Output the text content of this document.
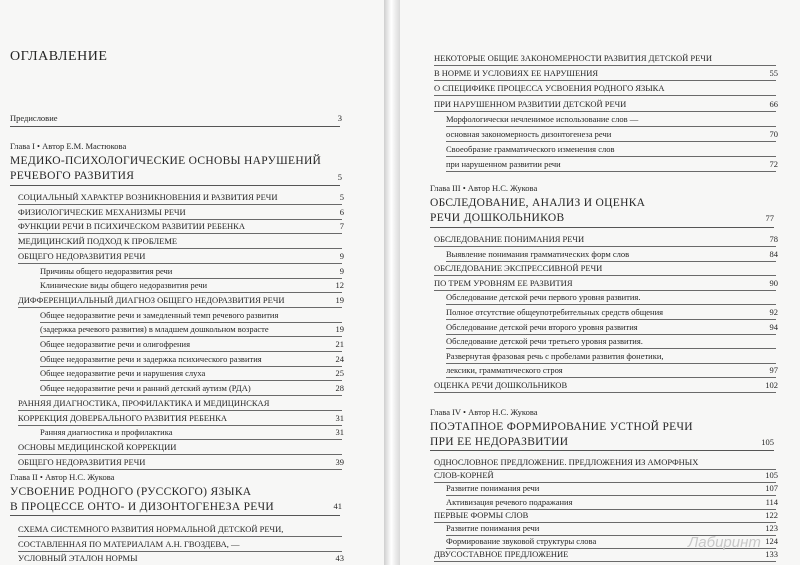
ОГЛАВЛЕНИЕ
Предисловие	3
Глава I • Автор Е.М. Мастюкова
МЕДИКО-ПСИХОЛОГИЧЕСКИЕ ОСНОВЫ НАРУШЕНИЙ
РЕЧЕВОГО РАЗВИТИЯ	5
СОЦИАЛЬНЫЙ ХАРАКТЕР ВОЗНИКНОВЕНИЯ И РАЗВИТИЯ РЕЧИ	5
ФИЗИОЛОГИЧЕСКИЕ МЕХАНИЗМЫ РЕЧИ	6
ФУНКЦИИ РЕЧИ В ПСИХИЧЕСКОМ РАЗВИТИИ РЕБЕНКА	7
МЕДИЦИНСКИЙ ПОДХОД К ПРОБЛЕМЕ
ОБЩЕГО НЕДОРАЗВИТИЯ РЕЧИ	9
Причины общего недоразвития речи	9
Клинические виды общего недоразвития речи	12
ДИФФЕРЕНЦИАЛЬНЫЙ ДИАГНОЗ ОБЩЕГО НЕДОРАЗВИТИЯ РЕЧИ	19
Общее недоразвитие речи и замедленный темп речевого развития
(задержка речевого развития) в младшем дошкольном возрасте	19
Общее недоразвитие речи и олигофрения	21
Общее недоразвитие речи и задержка психического развития	24
Общее недоразвитие речи и нарушения слуха	25
Общее недоразвитие речи и ранний детский аутизм (РДА)	28
РАННЯЯ ДИАГНОСТИКА, ПРОФИЛАКТИКА И МЕДИЦИНСКАЯ
КОРРЕКЦИЯ ДОВЕРБАЛЬНОГО РАЗВИТИЯ РЕБЕНКА	31
Ранняя диагностика и профилактика	31
ОСНОВЫ МЕДИЦИНСКОЙ КОРРЕКЦИИ
ОБЩЕГО НЕДОРАЗВИТИЯ РЕЧИ	39
Глава II • Автор Н.С. Жукова
УСВОЕНИЕ РОДНОГО (РУССКОГО) ЯЗЫКА
В ПРОЦЕССЕ ОНТО- И ДИЗОНТОГЕНЕЗА РЕЧИ	41
СХЕМА СИСТЕМНОГО РАЗВИТИЯ НОРМАЛЬНОЙ ДЕТСКОЙ РЕЧИ,
СОСТАВЛЕННАЯ ПО МАТЕРИАЛАМ А.Н. ГВОЗДЕВА, —
УСЛОВНЫЙ ЭТАЛОН НОРМЫ	43
НЕКОТОРЫЕ ОБЩИЕ ЗАКОНОМЕРНОСТИ РАЗВИТИЯ ДЕТСКОЙ РЕЧИ
В НОРМЕ И УСЛОВИЯХ ЕЕ НАРУШЕНИЯ	55
О СПЕЦИФИКЕ ПРОЦЕССА УСВОЕНИЯ РОДНОГО ЯЗЫКА
ПРИ НАРУШЕННОМ РАЗВИТИИ ДЕТСКОЙ РЕЧИ	66
Морфологически нечленимое использование слов —
основная закономерность дизонтогенеза речи	70
Своеобразие грамматического изменения слов
при нарушенном развитии речи	72
Глава III • Автор Н.С. Жукова
ОБСЛЕДОВАНИЕ, АНАЛИЗ И ОЦЕНКА
РЕЧИ ДОШКОЛЬНИКОВ	77
ОБСЛЕДОВАНИЕ ПОНИМАНИЯ РЕЧИ	78
Выявление понимания грамматических форм слов	84
ОБСЛЕДОВАНИЕ ЭКСПРЕССИВНОЙ РЕЧИ
ПО ТРЕМ УРОВНЯМ ЕЕ РАЗВИТИЯ	90
Обследование детской речи первого уровня развития.
Полное отсутствие общеупотребительных средств общения	92
Обследование детской речи второго уровня развития	94
Обследование детской речи третьего уровня развития.
Развернутая фразовая речь с пробелами развития фонетики,
лексики, грамматического строя	97
ОЦЕНКА РЕЧИ ДОШКОЛЬНИКОВ	102
Глава IV • Автор Н.С. Жукова
ПОЭТАПНОЕ ФОРМИРОВАНИЕ УСТНОЙ РЕЧИ
ПРИ ЕЕ НЕДОРАЗВИТИИ	105
ОДНОСЛОВНОЕ ПРЕДЛОЖЕНИЕ. ПРЕДЛОЖЕНИЯ ИЗ АМОРФНЫХ
СЛОВ-КОРНЕЙ	105
Развитие понимания речи	107
Активизация речевого подражания	114
ПЕРВЫЕ ФОРМЫ СЛОВ	122
Развитие понимания речи	123
Формирование звуковой структуры слова	124
ДВУСОСТАВНОЕ ПРЕДЛОЖЕНИЕ	133
Лабиринт
